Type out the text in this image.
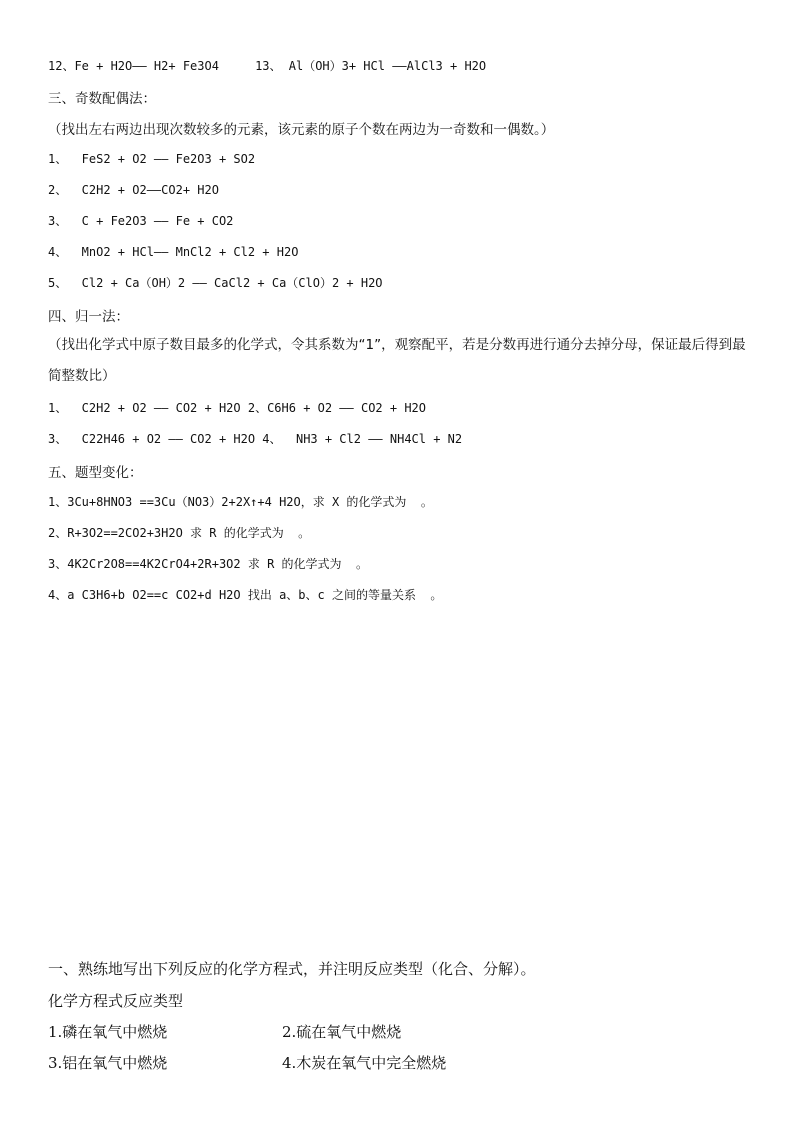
12、Fe + H2O—— H2+ Fe3O4     13、 Al（OH）3+ HCl ——AlCl3 + H2O
三、奇数配偶法：
（找出左右两边出现次数较多的元素，该元素的原子个数在两边为一奇数和一偶数。）
1、  FeS2 + O2 —— Fe2O3 + SO2
2、  C2H2 + O2——CO2+ H2O
3、  C + Fe2O3 —— Fe + CO2
4、  MnO2 + HCl—— MnCl2 + Cl2 + H2O
5、  Cl2 + Ca（OH）2 —— CaCl2 + Ca（ClO）2 + H2O
四、归一法：
（找出化学式中原子数目最多的化学式，令其系数为“1”，观察配平，若是分数再进行通分去掉分母，保证最后得到最简整数比）
1、  C2H2 + O2 —— CO2 + H2O 2、C6H6 + O2 —— CO2 + H2O
3、  C22H46 + O2 —— CO2 + H2O 4、  NH3 + Cl2 —— NH4Cl + N2
五、题型变化：
1、3Cu+8HNO3 ==3Cu（NO3）2+2X↑+4 H2O，求 X 的化学式为  。
2、R+3O2==2CO2+3H2O 求 R 的化学式为  。
3、4K2Cr2O8==4K2CrO4+2R+3O2 求 R 的化学式为  。
4、a C3H6+b O2==c CO2+d H2O 找出 a、b、c 之间的等量关系  。
一、熟练地写出下列反应的化学方程式，并注明反应类型（化合、分解）。
化学方程式反应类型
1.磷在氧气中燃烧	2.硫在氧气中燃烧
3.铝在氧气中燃烧	4.木炭在氧气中完全燃烧
